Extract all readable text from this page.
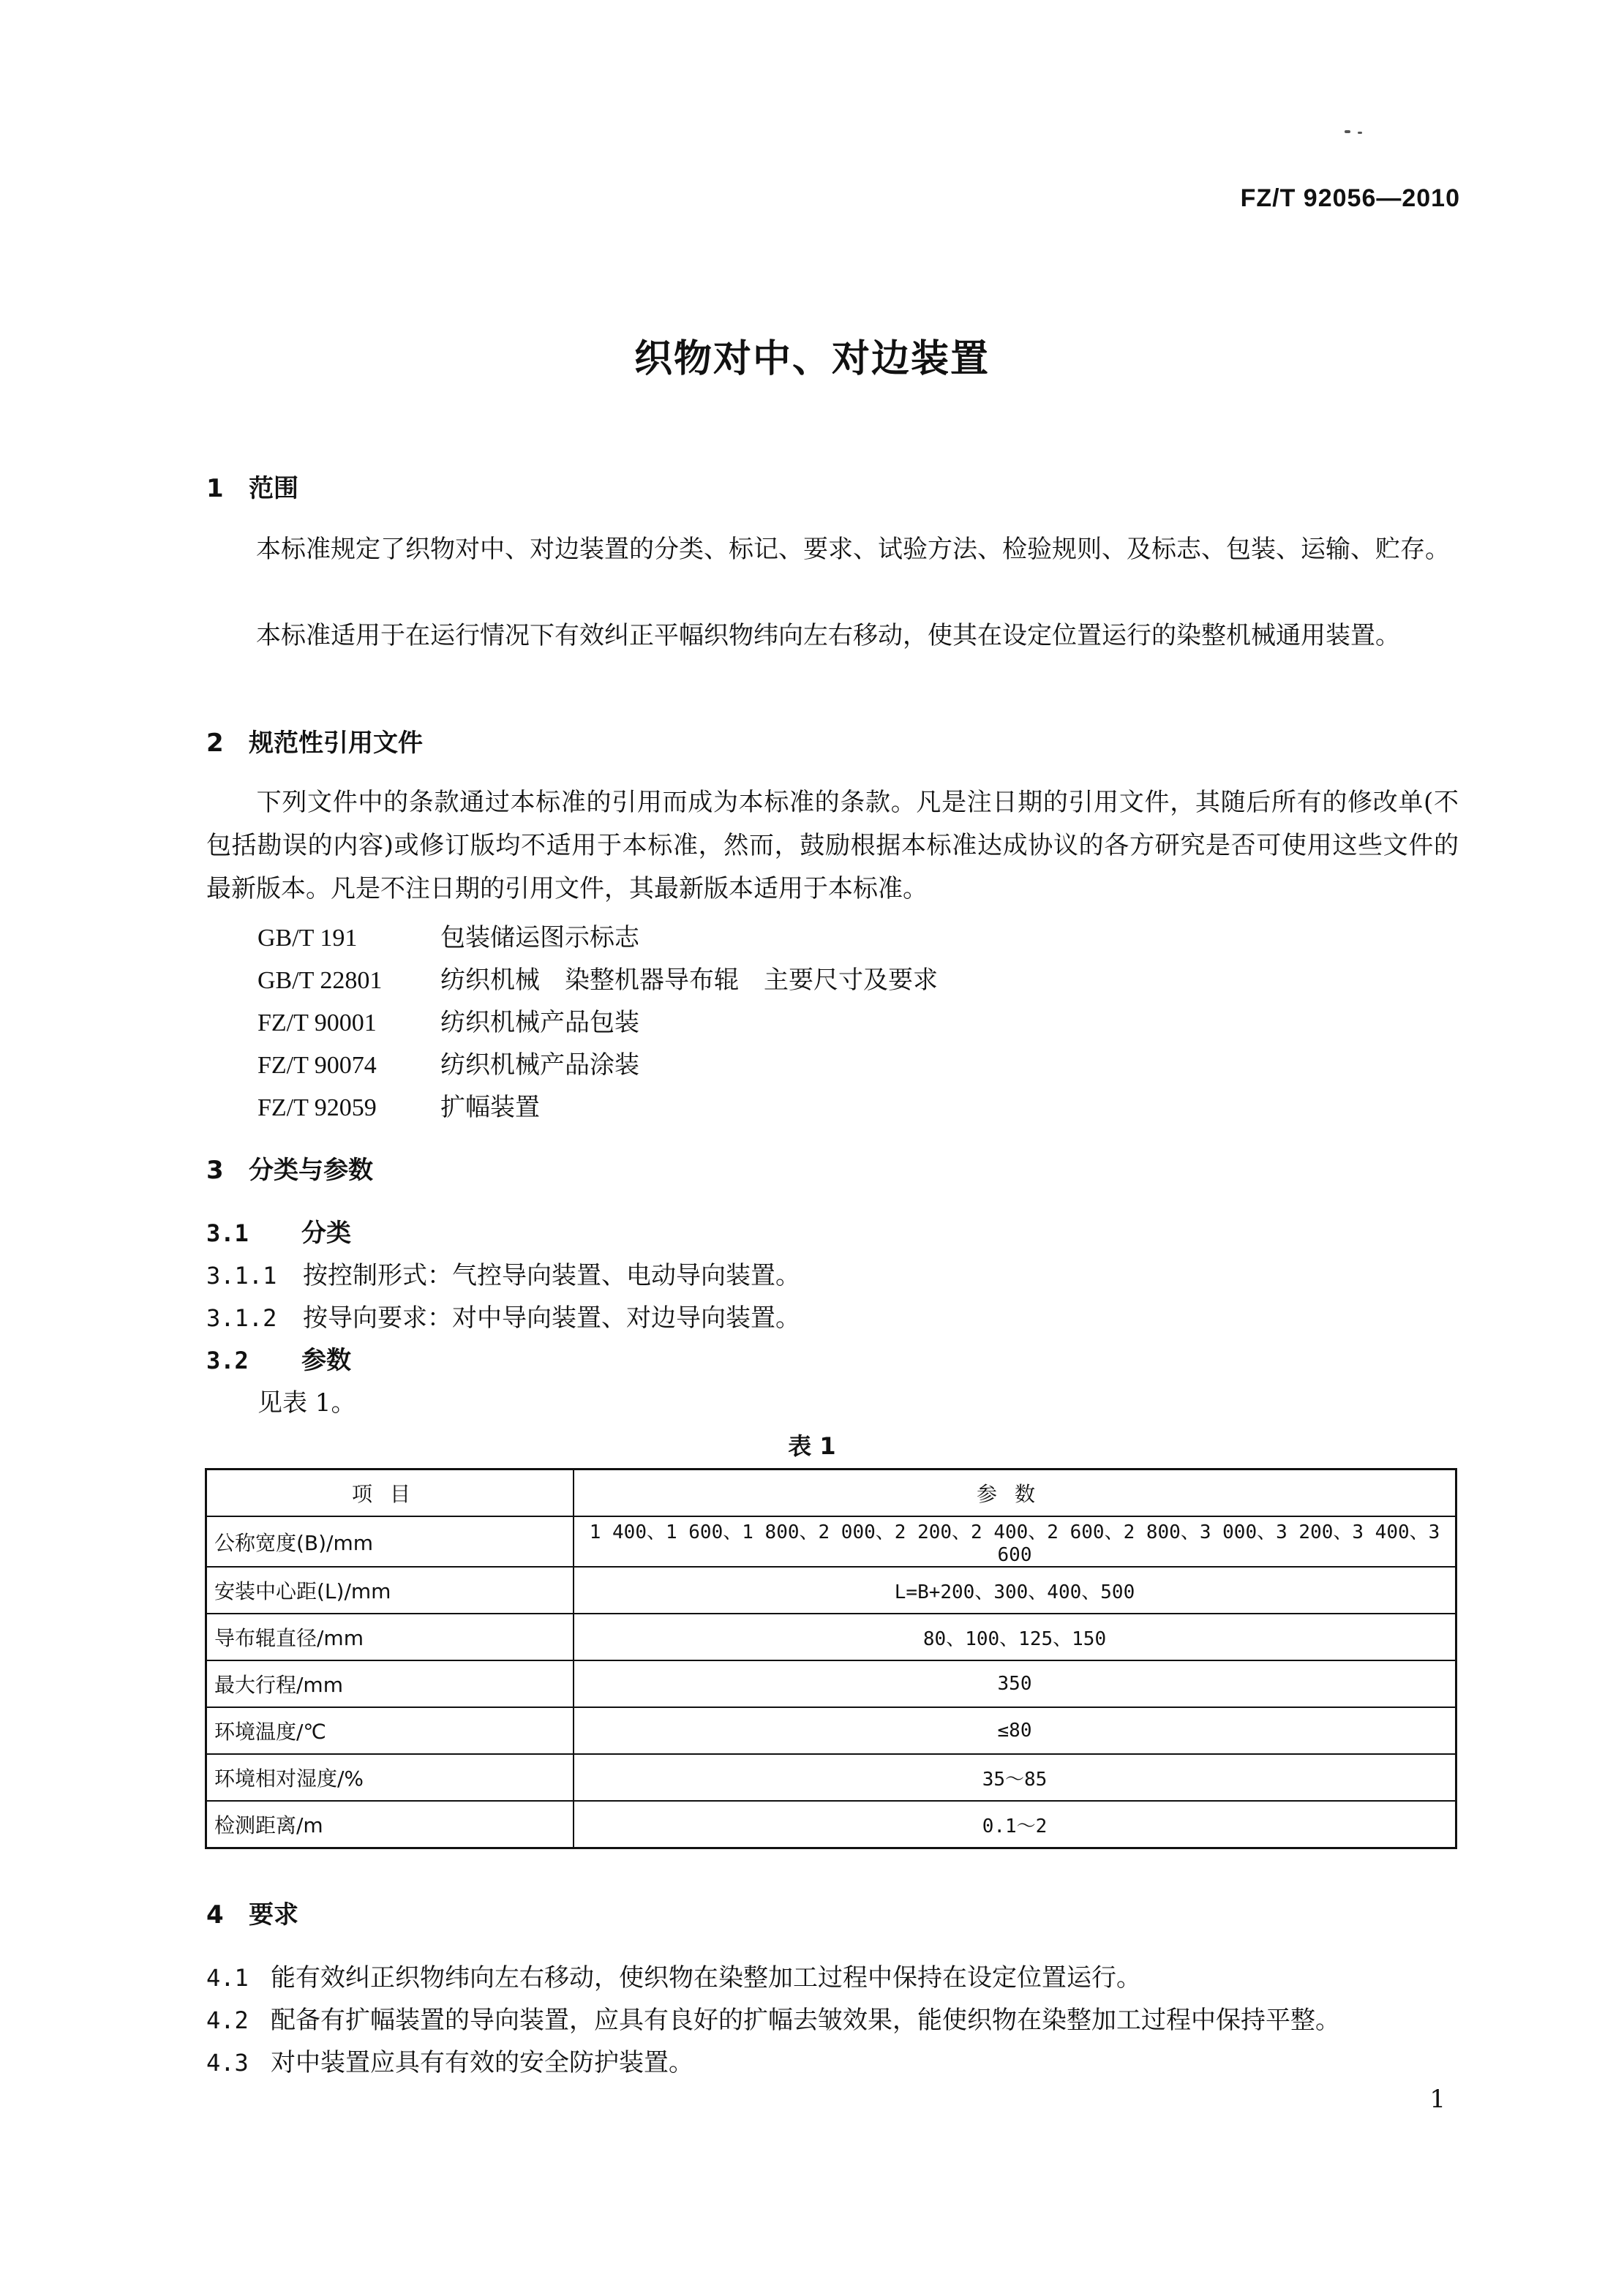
FZ/T 92056—2010
织物对中、对边装置
1 范围
本标准规定了织物对中、对边装置的分类、标记、要求、试验方法、检验规则、及标志、包装、运输、贮存。
本标准适用于在运行情况下有效纠正平幅织物纬向左右移动，使其在设定位置运行的染整机械通用装置。
2 规范性引用文件
下列文件中的条款通过本标准的引用而成为本标准的条款。凡是注日期的引用文件，其随后所有的修改单(不包括勘误的内容)或修订版均不适用于本标准，然而，鼓励根据本标准达成协议的各方研究是否可使用这些文件的最新版本。凡是不注日期的引用文件，其最新版本适用于本标准。
GB/T 191	包装储运图示标志
GB/T 22801 纺织机械　染整机器导布辊　主要尺寸及要求
FZ/T 90001	纺织机械产品包装
FZ/T 90074	纺织机械产品涂装
FZ/T 92059	扩幅装置
3 分类与参数
3.1 分类
3.1.1 按控制形式：气控导向装置、电动导向装置。
3.1.2 按导向要求：对中导向装置、对边导向装置。
3.2 参数
见表 1。
表 1
项目	参数
公称宽度(B)/mm	1 400、1 600、1 800、2 000、2 200、2 400、2 600、2 800、3 000、3 200、3 400、3 600
安装中心距(L)/mm	L=B+200、300、400、500
导布辊直径/mm	80、100、125、150
最大行程/mm	350
环境温度/℃	≤80
环境相对湿度/%	35～85
检测距离/m	0.1～2
4 要求
4.1 能有效纠正织物纬向左右移动，使织物在染整加工过程中保持在设定位置运行。
4.2 配备有扩幅装置的导向装置，应具有良好的扩幅去皱效果，能使织物在染整加工过程中保持平整。
4.3 对中装置应具有有效的安全防护装置。
1
